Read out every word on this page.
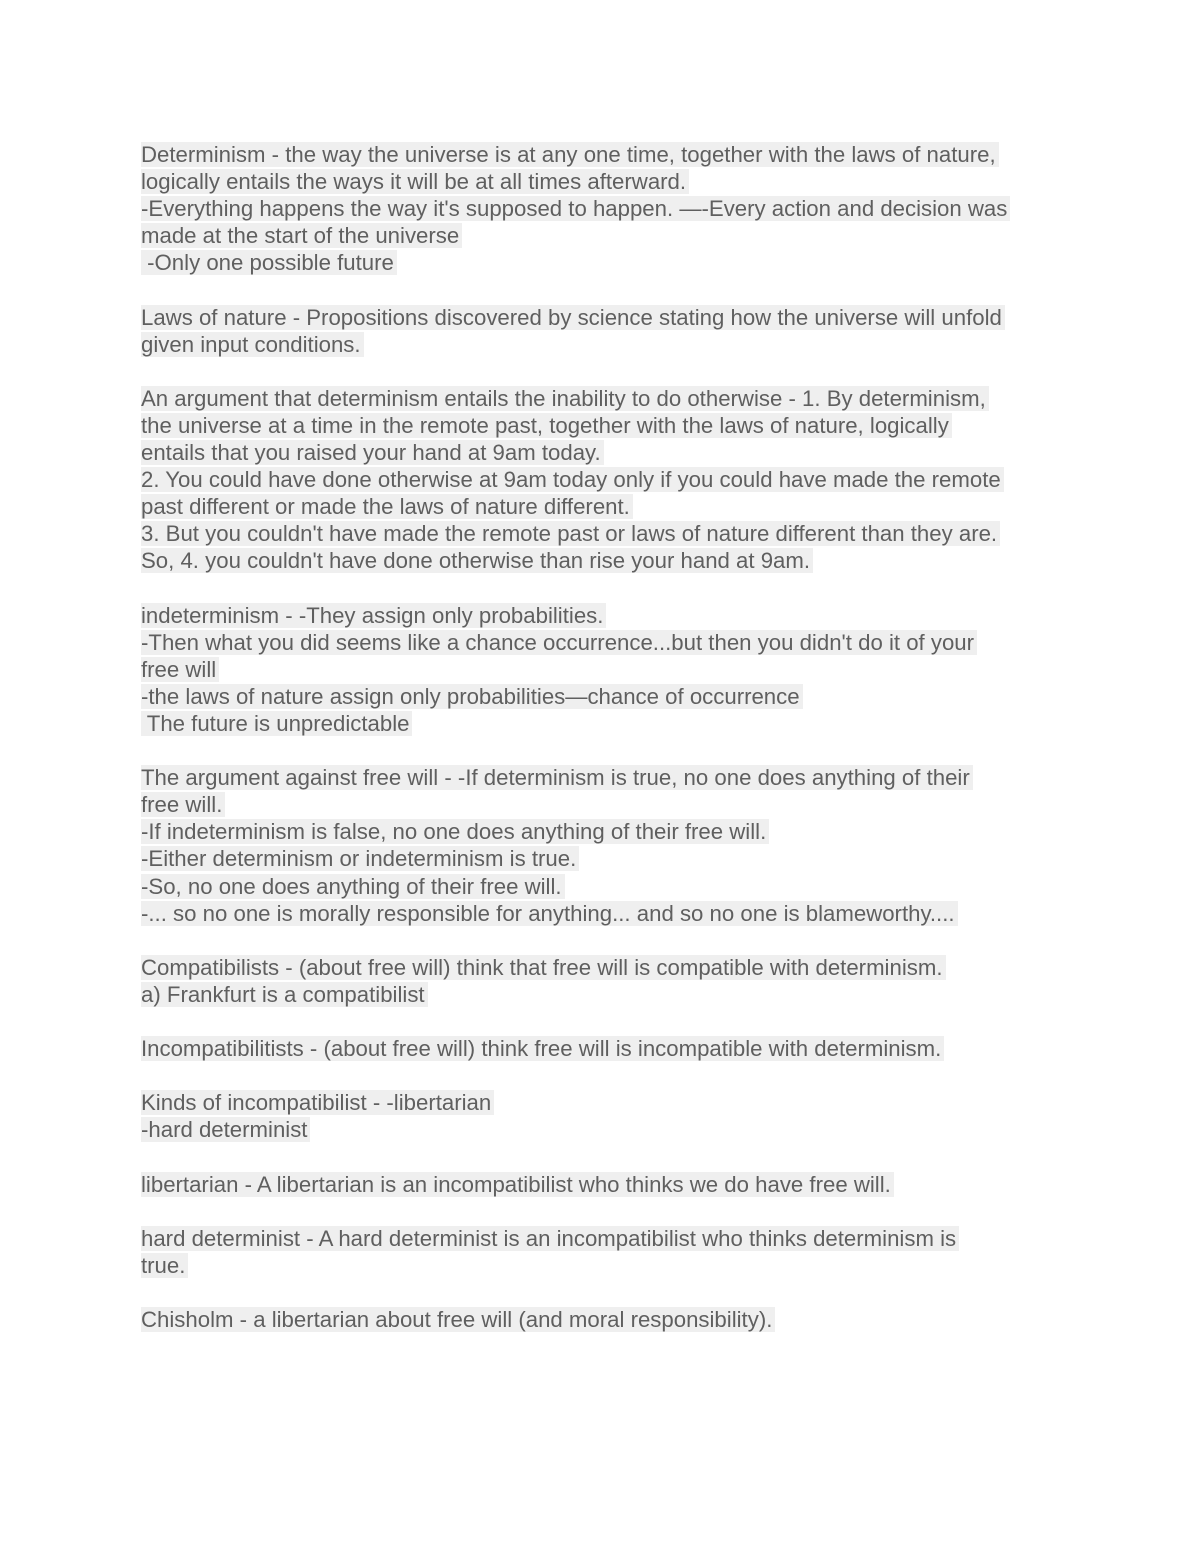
Determinism - the way the universe is at any one time, together with the laws of nature,
logically entails the ways it will be at all times afterward.
-Everything happens the way it's supposed to happen. —-Every action and decision was
made at the start of the universe
-Only one possible future
Laws of nature - Propositions discovered by science stating how the universe will unfold
given input conditions.
An argument that determinism entails the inability to do otherwise - 1. By determinism,
the universe at a time in the remote past, together with the laws of nature, logically
entails that you raised your hand at 9am today.
2. You could have done otherwise at 9am today only if you could have made the remote
past different or made the laws of nature different.
3. But you couldn't have made the remote past or laws of nature different than they are.
So, 4. you couldn't have done otherwise than rise your hand at 9am.
indeterminism - -They assign only probabilities.
-Then what you did seems like a chance occurrence...but then you didn't do it of your
free will
-the laws of nature assign only probabilities—chance of occurrence
The future is unpredictable
The argument against free will - -If determinism is true, no one does anything of their
free will.
-If indeterminism is false, no one does anything of their free will.
-Either determinism or indeterminism is true.
-So, no one does anything of their free will.
-... so no one is morally responsible for anything... and so no one is blameworthy....
Compatibilists - (about free will) think that free will is compatible with determinism.
a) Frankfurt is a compatibilist
Incompatibilitists - (about free will) think free will is incompatible with determinism.
Kinds of incompatibilist - -libertarian
-hard determinist
libertarian - A libertarian is an incompatibilist who thinks we do have free will.
hard determinist - A hard determinist is an incompatibilist who thinks determinism is
true.
Chisholm - a libertarian about free will (and moral responsibility).
